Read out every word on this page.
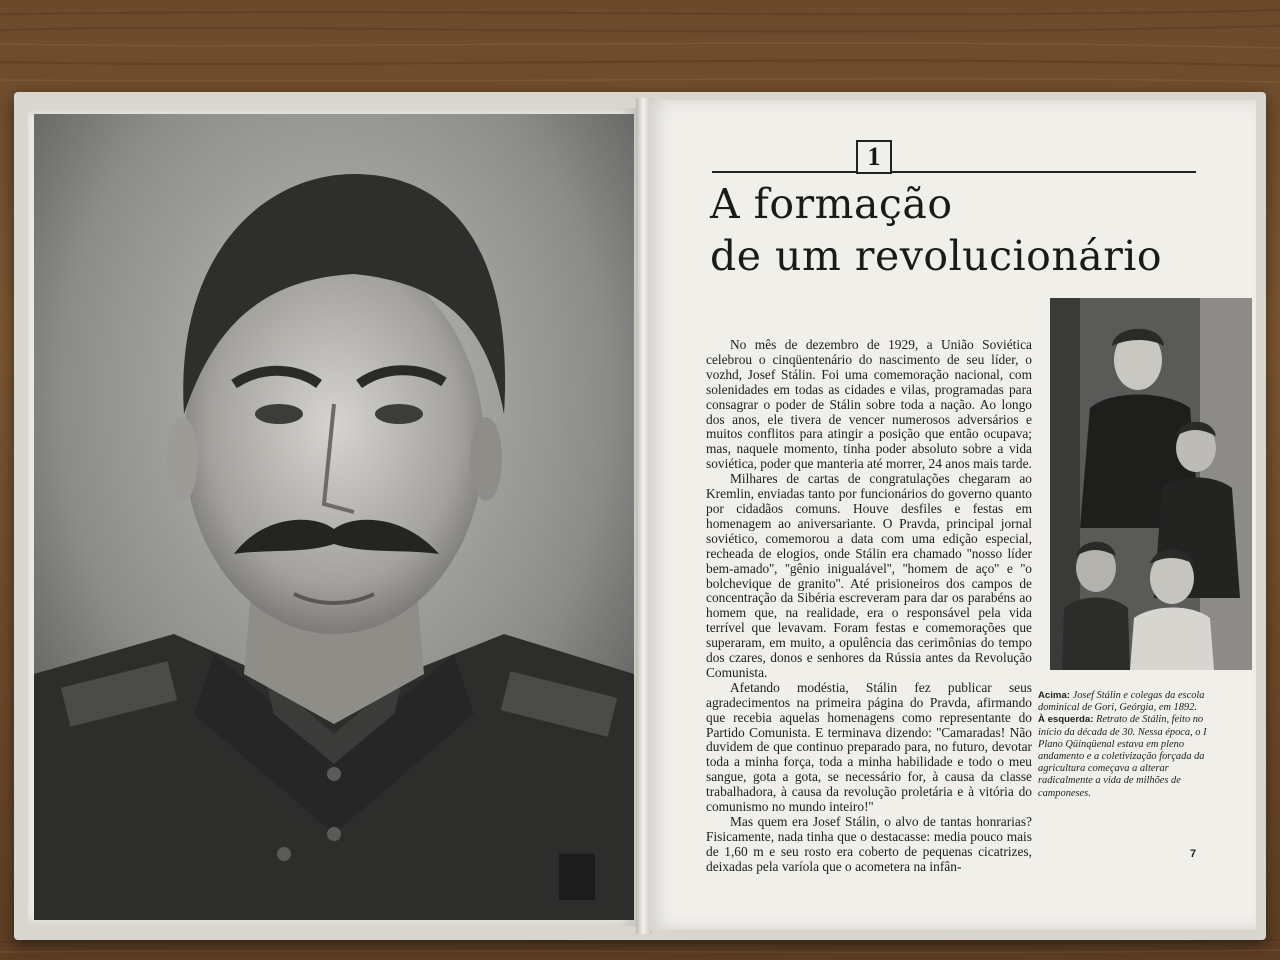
1
A formação
de um revolucionário

No mês de dezembro de 1929, a União Soviética celebrou o cinqüentenário do nascimento de seu líder, o vozhd, Josef Stálin. Foi uma comemoração nacional, com solenidades em todas as cidades e vilas, programadas para consagrar o poder de Stálin sobre toda a nação. Ao longo dos anos, ele tivera de vencer numerosos adversários e muitos conflitos para atingir a posição que então ocupava; mas, naquele momento, tinha poder absoluto sobre a vida soviética, poder que manteria até morrer, 24 anos mais tarde.

Milhares de cartas de congratulações chegaram ao Kremlin, enviadas tanto por funcionários do governo quanto por cidadãos comuns. Houve desfiles e festas em homenagem ao aniversariante. O Pravda, principal jornal soviético, comemorou a data com uma edição especial, recheada de elogios, onde Stálin era chamado ''nosso líder bem-amado'', ''gênio inigualável'', ''homem de aço'' e ''o bolchevique de granito''. Até prisioneiros dos campos de concentração da Sibéria escreveram para dar os parabéns ao homem que, na realidade, era o responsável pela vida terrível que levavam. Foram festas e comemorações que superaram, em muito, a opulência das cerimônias do tempo dos czares, donos e senhores da Rússia antes da Revolução Comunista.

Afetando modéstia, Stálin fez publicar seus agradecimentos na primeira página do Pravda, afirmando que recebia aquelas homenagens como representante do Partido Comunista. E terminava dizendo: ''Camaradas! Não duvidem de que continuo preparado para, no futuro, devotar toda a minha força, toda a minha habilidade e todo o meu sangue, gota a gota, se necessário for, à causa da classe trabalhadora, à causa da revolução proletária e à vitória do comunismo no mundo inteiro!''

Mas quem era Josef Stálin, o alvo de tantas honrarias? Fisicamente, nada tinha que o destacasse: media pouco mais de 1,60 m e seu rosto era coberto de pequenas cicatrizes, deixadas pela varíola que o acometera na infân-

Acima: Josef Stálin e colegas da escola dominical de Gori, Geórgia, em 1892.
À esquerda: Retrato de Stálin, feito no início da década de 30. Nessa época, o I Plano Qüinqüenal estava em pleno andamento e a coletivização forçada da agricultura começava a alterar radicalmente a vida de milhões de camponeses.
7
